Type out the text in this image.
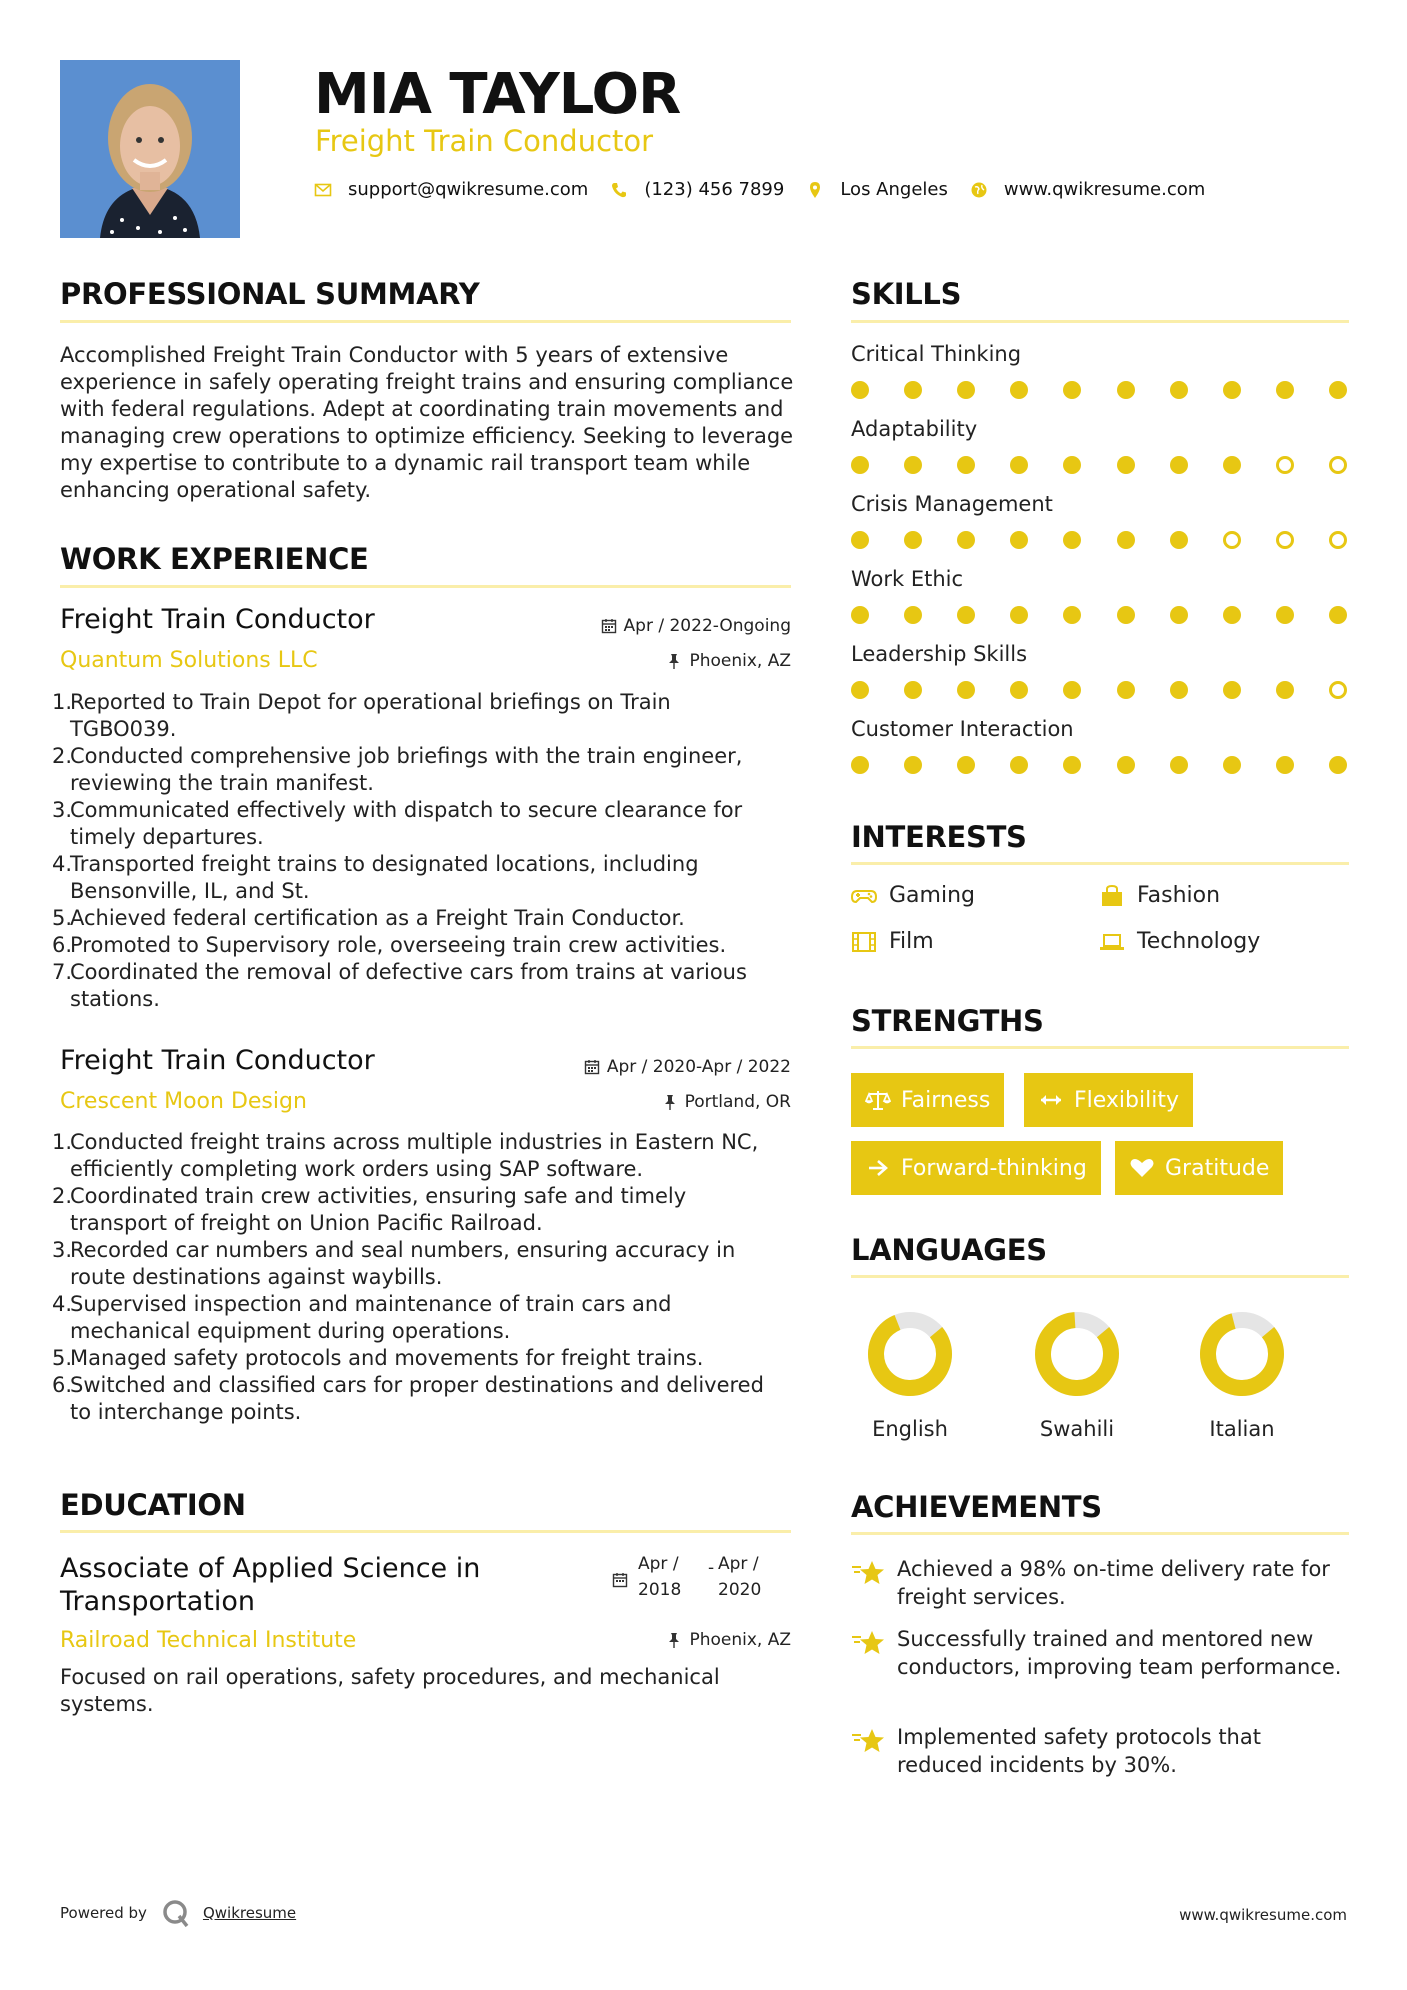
MIA TAYLOR
Freight Train Conductor
support@qwikresume.com	(123) 456 7899	Los Angeles	www.qwikresume.com
PROFESSIONAL SUMMARY
Accomplished Freight Train Conductor with 5 years of extensive experience in safely operating freight trains and ensuring compliance with federal regulations. Adept at coordinating train movements and managing crew operations to optimize efficiency. Seeking to leverage my expertise to contribute to a dynamic rail transport team while enhancing operational safety.
WORK EXPERIENCE
Freight Train Conductor	Apr / 2022-Ongoing
Quantum Solutions LLC	Phoenix, AZ
1.
Reported to Train Depot for operational briefings on Train TGBO039.
2.
Conducted comprehensive job briefings with the train engineer, reviewing the train manifest.
3.
Communicated effectively with dispatch to secure clearance for timely departures.
4.
Transported freight trains to designated locations, including Bensonville, IL, and St.
5.
Achieved federal certification as a Freight Train Conductor.
6.
Promoted to Supervisory role, overseeing train crew activities.
7.
Coordinated the removal of defective cars from trains at various stations.
Freight Train Conductor	Apr / 2020-Apr / 2022
Crescent Moon Design	Portland, OR
1.
Conducted freight trains across multiple industries in Eastern NC, efficiently completing work orders using SAP software.
2.
Coordinated train crew activities, ensuring safe and timely transport of freight on Union Pacific Railroad.
3.
Recorded car numbers and seal numbers, ensuring accuracy in route destinations against waybills.
4.
Supervised inspection and maintenance of train cars and mechanical equipment during operations.
5.
Managed safety protocols and movements for freight trains.
6.
Switched and classified cars for proper destinations and delivered to interchange points.
EDUCATION
Associate of Applied Science in
Transportation
Apr /
2018
- Apr /
2020
Railroad Technical Institute	Phoenix, AZ
Focused on rail operations, safety procedures, and mechanical systems.
SKILLS
Critical Thinking
Adaptability
Crisis Management
Work Ethic
Leadership Skills
Customer Interaction
INTERESTS
Gaming	Fashion
Film	Technology
STRENGTHS
Fairness	Flexibility
Forward-thinking	Gratitude
LANGUAGES
English	Swahili	Italian
ACHIEVEMENTS
Achieved a 98% on-time delivery rate for freight services.
Successfully trained and mentored new conductors, improving team performance.
Implemented safety protocols that reduced incidents by 30%.
Powered by	Qwikresume	www.qwikresume.com
